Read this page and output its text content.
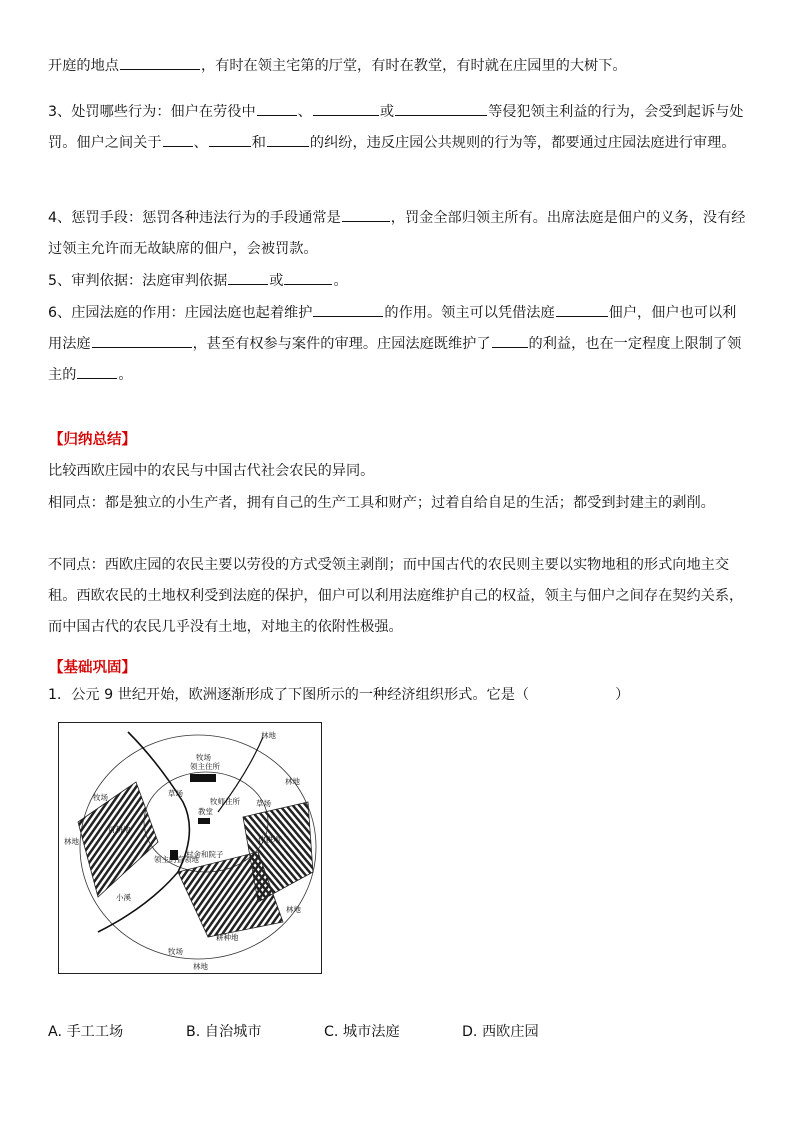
开庭的地点	，有时在领主宅第的厅堂，有时在教堂，有时就在庄园里的大树下。

3、处罚哪些行为：佃户在劳役中	、	或	等侵犯领主利益的行为，会受到起诉与处罚。佃户之间关于 、	和	的纠纷，违反庄园公共规则的行为等，都要通过庄园法庭进行审理。

4、惩罚手段：惩罚各种违法行为的手段通常是	，罚金全部归领主所有。出席法庭是佃户的义务，没有经过领主允许而无故缺席的佃户，会被罚款。

5、审判依据：法庭审判依据	或	。

6、庄园法庭的作用：庄园法庭也起着维护	的作用。领主可以凭借法庭	佃户，佃户也可以利用法庭	，甚至有权参与案件的审理。庄园法庭既维护了	的利益，也在一定程度上限制了领主的	。

【归纳总结】

比较西欧庄园中的农民与中国古代社会农民的异同。

相同点：都是独立的小生产者，拥有自己的生产工具和财产；过着自给自足的生活；都受到封建主的剥削。

不同点：西欧庄园的农民主要以劳役的方式受领主剥削；而中国古代的农民则主要以实物地租的形式向地主交租。西欧农民的土地权利受到法庭的保护，佃户可以利用法庭维护自己的权益，领主与佃户之间存在契约关系，而中国古代的农民几乎没有土地，对地主的依附性极强。

【基础巩固】

1．公元 9 世纪开始，欧洲逐渐形成了下图所示的一种经济组织形式。它是（	）

林地
牧场
领主住所
林地
牧场	草场
牧师住所 草场
教堂
可耕地
休耕地
林地
领主的直领地
村舍和院子
小溪
林地
耕种地
牧场
林地
A. 手工工场	B. 自治城市	C. 城市法庭	D. 西欧庄园
